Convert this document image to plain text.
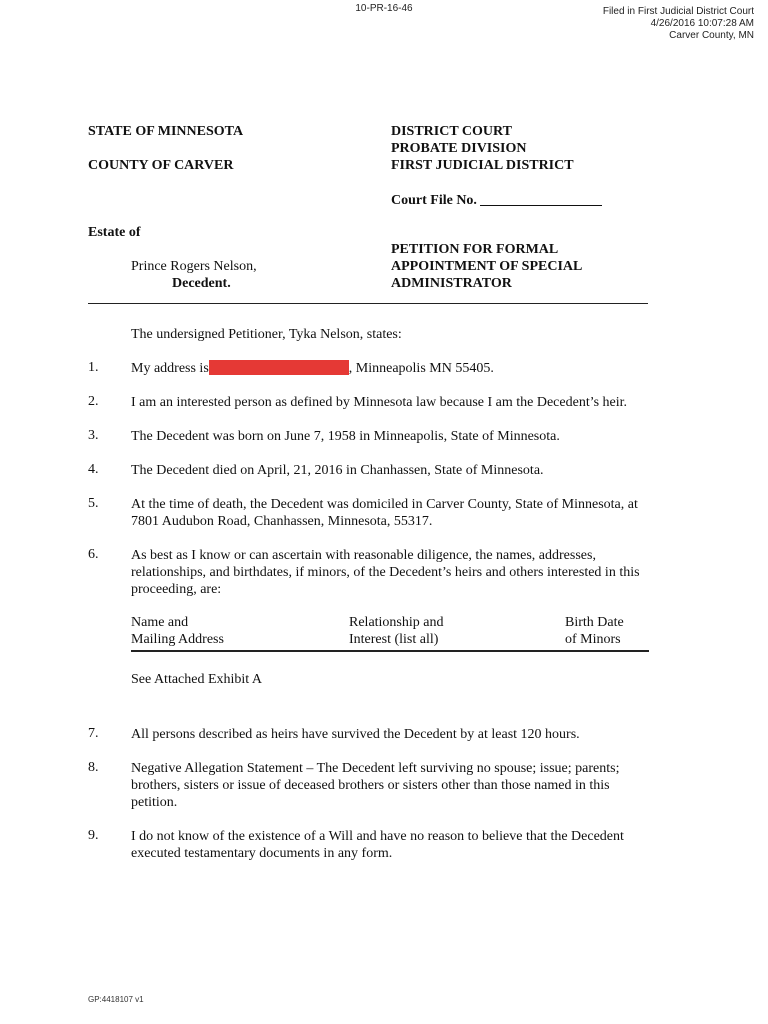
10-PR-16-46	Filed in First Judicial District Court
4/26/2016 10:07:28 AM
Carver County, MN
STATE OF MINNESOTA
COUNTY OF CARVER
DISTRICT COURT
PROBATE DIVISION
FIRST JUDICIAL DISTRICT
Court File No.
Estate of
Prince Rogers Nelson,
Decedent.
PETITION FOR FORMAL
APPOINTMENT OF SPECIAL
ADMINISTRATOR
The undersigned Petitioner, Tyka Nelson, states:
1. My address is	, Minneapolis MN 55405.
2. I am an interested person as defined by Minnesota law because I am the Decedent’s heir.
3. The Decedent was born on June 7, 1958 in Minneapolis, State of Minnesota.
4. The Decedent died on April, 21, 2016 in Chanhassen, State of Minnesota.
5. At the time of death, the Decedent was domiciled in Carver County, State of Minnesota, at 7801 Audubon Road, Chanhassen, Minnesota, 55317.
6. As best as I know or can ascertain with reasonable diligence, the names, addresses, relationships, and birthdates, if minors, of the Decedent’s heirs and others interested in this proceeding, are:
Name and
Mailing Address
Relationship and
Interest (list all)
Birth Date
of Minors
See Attached Exhibit A
7. All persons described as heirs have survived the Decedent by at least 120 hours.
8. Negative Allegation Statement – The Decedent left surviving no spouse; issue; parents; brothers, sisters or issue of deceased brothers or sisters other than those named in this petition.
9. I do not know of the existence of a Will and have no reason to believe that the Decedent executed testamentary documents in any form.
GP:4418107 v1
